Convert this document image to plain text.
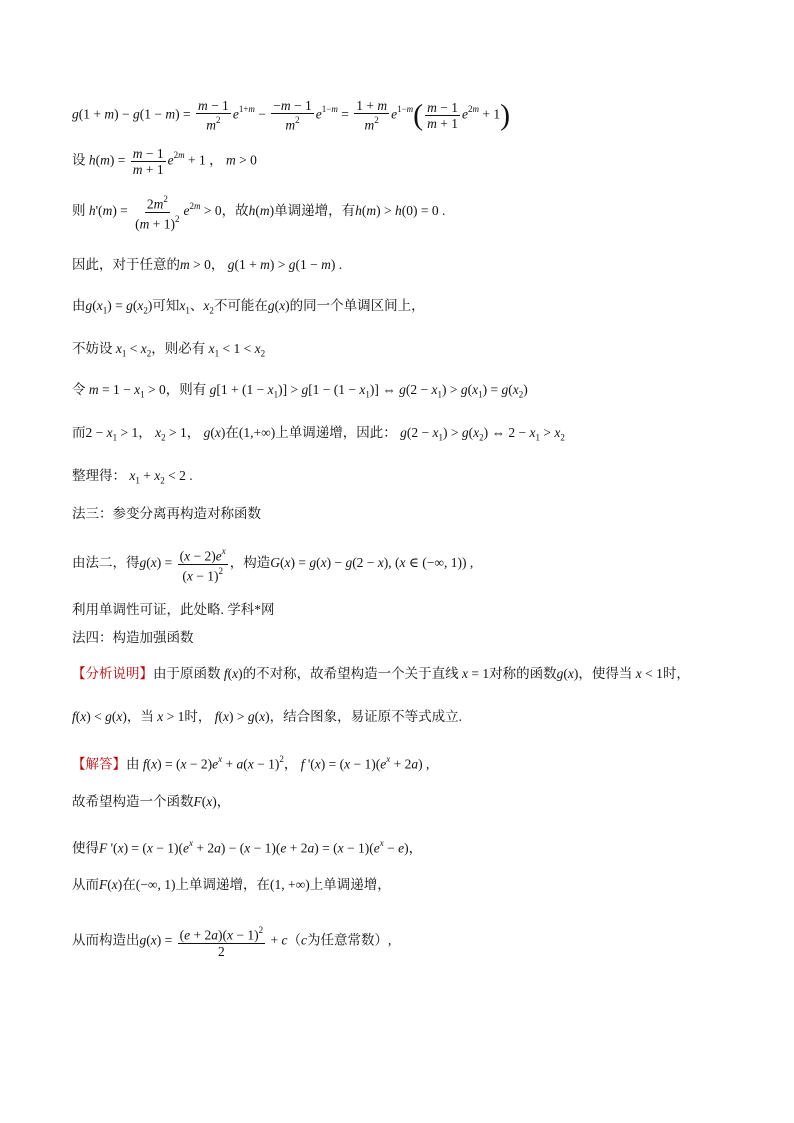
$g(1 + m) - g(1 - m) = \frac{m - 1}{m^2} e^{1+m} - \frac{-m - 1}{m^2} e^{1-m} = \frac{1 + m}{m^2} e^{1-m}( \frac{m - 1}{m + 1} e^{2m} + 1)$
设 $h(m) = \frac{m - 1}{m + 1} e^{2m} + 1$ ， m > 0
则 $h'(m) = \frac{2m^2}{(m + 1)^2} e^{2m} > 0$，故h(m)单调递增，有h(m) > h(0) = 0 .
因此，对于任意的m > 0， g(1 + m) > g(1 − m) .
由$g(x_1) = g(x_2)$可知$x_1$、$x_2$不可能在g(x)的同一个单调区间上，
不妨设 $x_1 < x_2$，则必有 $x_1 < 1 < x_2$
令 $m = 1 - x_1 > 0$，则有 $g[1 + (1 - x_1)] > g[1 - (1 - x_1)]$ ⇔ $g(2 - x_1) > g(x_1) = g(x_2)$
而$2 - x_1 > 1$， $x_2 > 1$， g(x)在(1,+∞)上单调递增，因此： $g(2 - x_1) > g(x_2)$ ⇔ $2 - x_1 > x_2$
整理得： $x_1 + x_2 < 2$ .
法三：参变分离再构造对称函数
由法二，得$g(x) = \frac{(x - 2)e^x}{(x - 1)^2}$ ，构造G(x) = g(x) − g(2 − x), (x ∈ (−∞, 1)) ,
利用单调性可证，此处略. 学科*网
法四：构造加强函数
【分析说明】由于原函数 f(x)的不对称，故希望构造一个关于直线 x = 1对称的函数g(x)，使得当 x < 1时，
f(x) < g(x)，当 x > 1时， f(x) > g(x)，结合图象，易证原不等式成立.
【解答】由 $f(x) = (x - 2)e^x + a(x - 1)^2$， f '$(x) = (x - 1)(e^x + 2a)$ ,
故希望构造一个函数F(x)，
使得F '$(x) = (x - 1)(e^x + 2a) - (x - 1)(e + 2a) = (x - 1)(e^x - e)$，
从而F(x)在(−∞, 1)上单调递增，在(1, +∞)上单调递增，
从而构造出$g(x) = \frac{(e + 2a)(x - 1)^2}{2} + c(c$为任意常数）,
